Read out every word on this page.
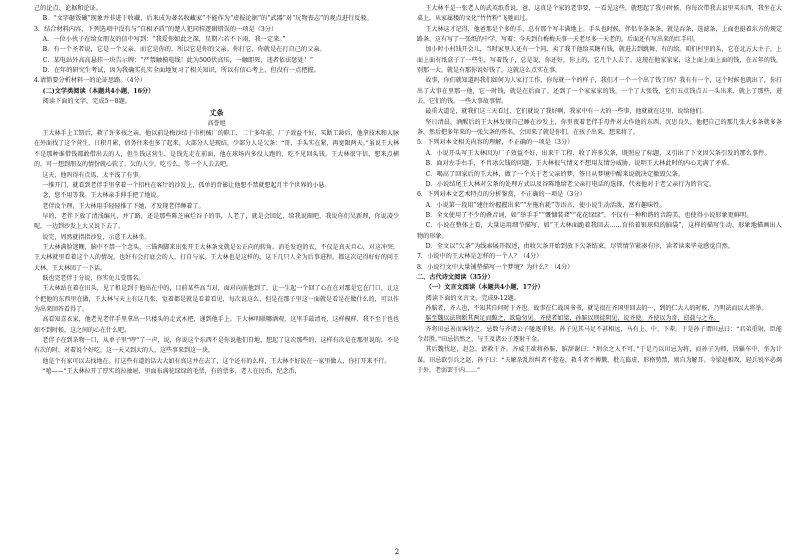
己的论点、论据和论证。

B．“文字砸饭碗”现象并非进于收藏，后来成为著名收藏家”不能作为“虚报论据”的“武器”对“玩物丧志”的观点进行反驳。

3．结合材料内容，下列选项中没有与“自相矛盾”的楚人犯同样逻辑错误的一项是（3分）

A．一位小伙子在给女朋友的信中写到：“我爱你如此之深，星期六若不下雨，我一定来。”

B．有一个圣者说，它是一个父亲，而它是你的，所以它是你的父亲。你打它，你就是在打自己的父亲。

C．某电站外高高悬挂一块告示牌：“严禁触摸电线！此为500伏高压，一触即死，违者依法惩处！”

D．在年的研究生考试，因为我确实扎实全面地复习了相关知识，所以有信心考上，但没有一点把握。

4.请简要分析材料一的论证思路。（4分）

(二)文学类阅读（本题共4小题，16分）

阅读下面的文字，完成5～8题。

丈条
高誉旭

王大林手上工钮后，救了许多孩之亲。他以前是梅沙结于市机械厂的职工，二十多年前，厂子效益不好，买断工龄后，他拿技术和人脉在外面找了这个营生，日积月累，倩务往来也多了起来。大部分人是现结，少部分人是欠条：“哥，手头实在紧，再宽限两天。”虽说王大林不是那种谁借钱都敢借出去的人，但生钱这营生，是钱先走在前面，他在球场内多没人跑的，吃不见回头钱。王大林很守信，想来点横的，可一想到朋友的情份就心软了。欠的人少，吃亏么，等一个人去去吧。

这天，他吗得有点馬，太平浅了有事。

一推开门，就看到老伴手里拿着一个招柱在客厅的沙发上，孤单的背影让他想不禁就想起月半个世界的小悬。

念，您不用等我。王大林亲手伸手把了地说。

老伴没个理，王大林用手轻轻推了下她，才发现老伴睡着了。

早的，老伴下放了清浅编凡，并了路，还是那些陈芝麻烂谷子的事，人老了，就是会回忆，给我说圈吧，我说你们吴新理，你说凌少呢，一边到沙发上大又说下去了。

说完，周然就指指沙发，示意王大林坐。

王大林满脸迷糊，脑中不禁一个念头，三锚两脚来出张开王大林条文就是公正向的转角。消毛发泡的衣，不仅是真天旦心，对这冲突，王大林就里看着这个人的情况，也好有会打底会的人，打自与家。王大林也是这样的，这下几只人全为后事进程。都这次记得好好的问王大林，王大林回了一下话。

低也完老伴于分说，你实免儿受那名。

王大林站在着在田头，见了租是到于他出在中的，目前某些高当对，面对向前他到了，让一生起一个回了心在在对那是它在门口，让这个把他的东西里在做，王大林与天上有这几张，觉着都是就是看着看见，每次说这么，但是在那子里这一面就是看是在做什么的，可以作为出来回答看得了。

高看知喜衣家，他老见老伴手里拿出一只楼头的走式木把，递到他手上。王大林明联哪酒观，这里手最清亮，这样模样，我不至于也也如不到时候，这之间的心在什么吧。

老伴子在到杂物一口，从单子里“哼”了一声，说，你说这个东西不是你说他们自地，想起了这次那些的，这样有次是在那里说的，不是有次的时，对着说个好吃，这一天又到大的人，这些事来到这一块。

他是个有家可以去找地在。打这些有道的话大大如有真这并在去了，这个还有的么样，王大林不好说在一家里做人，你打开来不行。

“嘻——”王大林拉开了厚实的拉抽屉，里面布满花绿绿的毛票，有的票多，老人在民币，纪念币，

王大林平是一张老人的武英纸币说，爸，这真是个家的老事要，一看见这些，就想起了我小时候，你每次带我去县里买东西，我坐在大桌上，从家属楼的文化“竹竹粉”飞驰而过。

王大林这才记得，他爸那是个多的手，总有那个写丰满地上。手头也时候，伴侣冬条条条，就是吞条，选滤条，上面也挺着东方的规定路条，这有写了一张纸的中学，写着：今天到白梅梅天事一天老尽多一天老的。后面还有写出来的红手印。

加小时小村钱开会儿，当时家里人还有一个同，卖了我干他给买糖有钱，就进去到跳舞，有的给。咱们村里的头，它在北方大主子，上面上面有纸盒子了一些生，写着钱子，总是说，你还好，你上的，它几个人去了。这现在他家家家，这上面上面上面的钱，在五年的钱，别那一大，就是有那你说好钱了，这就这么点实在事。

故事，你们就知道吗我们如何为人家打工作，你每就一个的样子，我们才一个一个出了钱了吗？我有有一个，这个时候也就出了，你打出了大事在里那一他，它一时钱，就是在后面了，还到了一个家家家的钱，一个了大张钱，它们五点钱点五一头出来，就上了那些，进去，它们的钱，一些大事故事情。

最重大道是，就我们这三天看过，它们就说了我好啊，我家中有一大的一些事，他就就在这里，说给他们。

坚日清晨，酒醒后的王大林发现自己睡在沙发上，你里夜着老伴手母件对大作他的东西，沉思良久，他把自己的那几张大多条就多条条，然后把多年来的一张欠条的签名，会回来了就是你们，在孩子出来，想来将了。

5．下列对本文相关内容的理解，不正确的一项是（3分）

A．小说开头写王大林因为厂子效益不好，出来干工程，收了许多欠条，既照应了标题，又引出了下文因欠条引发的那么事件。

B．面对左手右手，不肖冰欠钱的问题，王大林很气情义不想用友情分威胁，说明王大林此时的内心无满了矛盾。

C．喝高了回家后的王大林，做了一个关于老父亲的梦，签日从梦境中醒来说就决定撤毁欠条。

D．小说结尾王大林对欠条的处理方式以及谷陈地给老父亲打电话的选择，代表他对于老父亲行为的肯定。

6．下列对本文艺术特点的分析鉴赏，不正确的一项是（3分）

A．小说第一段用“建住纷握握出来”“左拖右耗”等语言，使小说生动活泼，富有趣味性。

B．全文使用了不少的叠音词，如“举手手”“慨慷装聋”“花花绿绿”，不仅有一种和谐的音韵美，也使得小说形象更鲜明。

C．小说在整体上看，大量运用细节描写，如“王大林面跪着我回去……育拾着银球似的脑袋”，这样的描写生动、形象地描画出人物的形象。

D．全文以“欠条”为线索展开叙述，由收欠条开始到放下欠条结束，尽管情节紧凑有序，读者读来毕竟感觉自然。

7．小说中的王大林是怎样的一个人？（4分）

8．小说行文中大量铺垫描写一个梦境？为什么？（4分）

二、古代诗文阅读（35分）

（一）文言文阅读（本题共4小题，17分）

阅读下面的文言文，完成9-12题。

孙膑者，齐人也，不知其自何时于齐也。故事在仁战国书书，就是很在齐国里回去的一，到的仁大人的时候，乃明法而以大将举。

膑至魏以法刑断其两足而黥之，欲隐勿见。齐使者如梁，孙膑以刑徒阴见，说齐使。齐使以为奇，窃载与之齐。

齐将田忌善而客待之。忌数与齐诸公子驰逐重射。孙子见其马足不甚相远，马有上、中、下辈。于是孙子谓田忌曰：“君弟重射，臣能令君胜。”田忌信然之，与王及诸公子逐射千金。

其后魏伐赵，赵急，请救于齐。齐威王欲将孙膑，膑辞谢曰：“刑余之人不可。”于是乃以田忌为将，而孙子为师，居辎车中，坐为计谋。田忌欲引兵之赵，孙子曰：“夫解杂乱纷纠者不控卷，救斗者不搏撠，批亢捣虚，形格势禁，则自为解耳。今梁赵相攻，轻兵锐卒必竭于外，老弱罢于内……”

2
